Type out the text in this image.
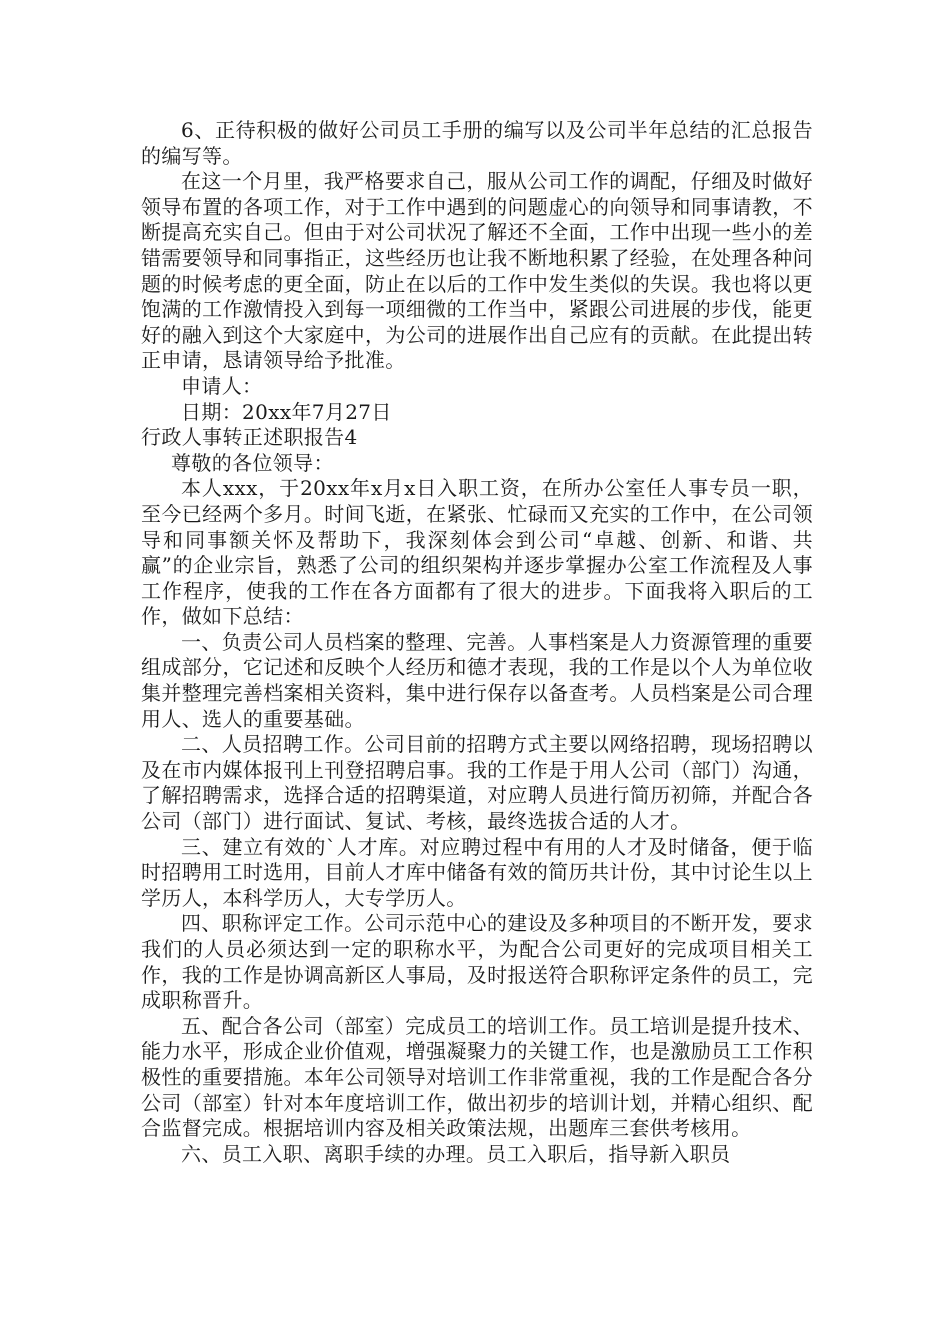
6、正待积极的做好公司员工手册的编写以及公司半年总结的汇总报告的编写等。

在这一个月里，我严格要求自己，服从公司工作的调配，仔细及时做好领导布置的各项工作，对于工作中遇到的问题虚心的向领导和同事请教，不断提高充实自己。但由于对公司状况了解还不全面，工作中出现一些小的差错需要领导和同事指正，这些经历也让我不断地积累了经验，在处理各种问题的时候考虑的更全面，防止在以后的工作中发生类似的失误。我也将以更饱满的工作激情投入到每一项细微的工作当中，紧跟公司进展的步伐，能更好的融入到这个大家庭中，为公司的进展作出自己应有的贡献。在此提出转正申请，恳请领导给予批准。

申请人：

日期：20xx年7月27日

行政人事转正述职报告4

尊敬的各位领导：

本人xxx，于20xx年x月x日入职工资，在所办公室任人事专员一职，至今已经两个多月。时间飞逝，在紧张、忙碌而又充实的工作中，在公司领导和同事额关怀及帮助下，我深刻体会到公司“卓越、创新、和谐、共赢”的企业宗旨，熟悉了公司的组织架构并逐步掌握办公室工作流程及人事工作程序，使我的工作在各方面都有了很大的进步。下面我将入职后的工作，做如下总结：

一、负责公司人员档案的整理、完善。人事档案是人力资源管理的重要组成部分，它记述和反映个人经历和德才表现，我的工作是以个人为单位收集并整理完善档案相关资料，集中进行保存以备查考。人员档案是公司合理用人、选人的重要基础。

二、人员招聘工作。公司目前的招聘方式主要以网络招聘，现场招聘以及在市内媒体报刊上刊登招聘启事。我的工作是于用人公司（部门）沟通，了解招聘需求，选择合适的招聘渠道，对应聘人员进行简历初筛，并配合各公司（部门）进行面试、复试、考核，最终选拔合适的人才。

三、建立有效的`人才库。对应聘过程中有用的人才及时储备，便于临时招聘用工时选用，目前人才库中储备有效的简历共计份，其中讨论生以上学历人，本科学历人，大专学历人。

四、职称评定工作。公司示范中心的建设及多种项目的不断开发，要求我们的人员必须达到一定的职称水平，为配合公司更好的完成项目相关工作，我的工作是协调高新区人事局，及时报送符合职称评定条件的员工，完成职称晋升。

五、配合各公司（部室）完成员工的培训工作。员工培训是提升技术、能力水平，形成企业价值观，增强凝聚力的关键工作，也是激励员工工作积极性的重要措施。本年公司领导对培训工作非常重视，我的工作是配合各分公司（部室）针对本年度培训工作，做出初步的培训计划，并精心组织、配合监督完成。根据培训内容及相关政策法规，出题库三套供考核用。

六、员工入职、离职手续的办理。员工入职后，指导新入职员
